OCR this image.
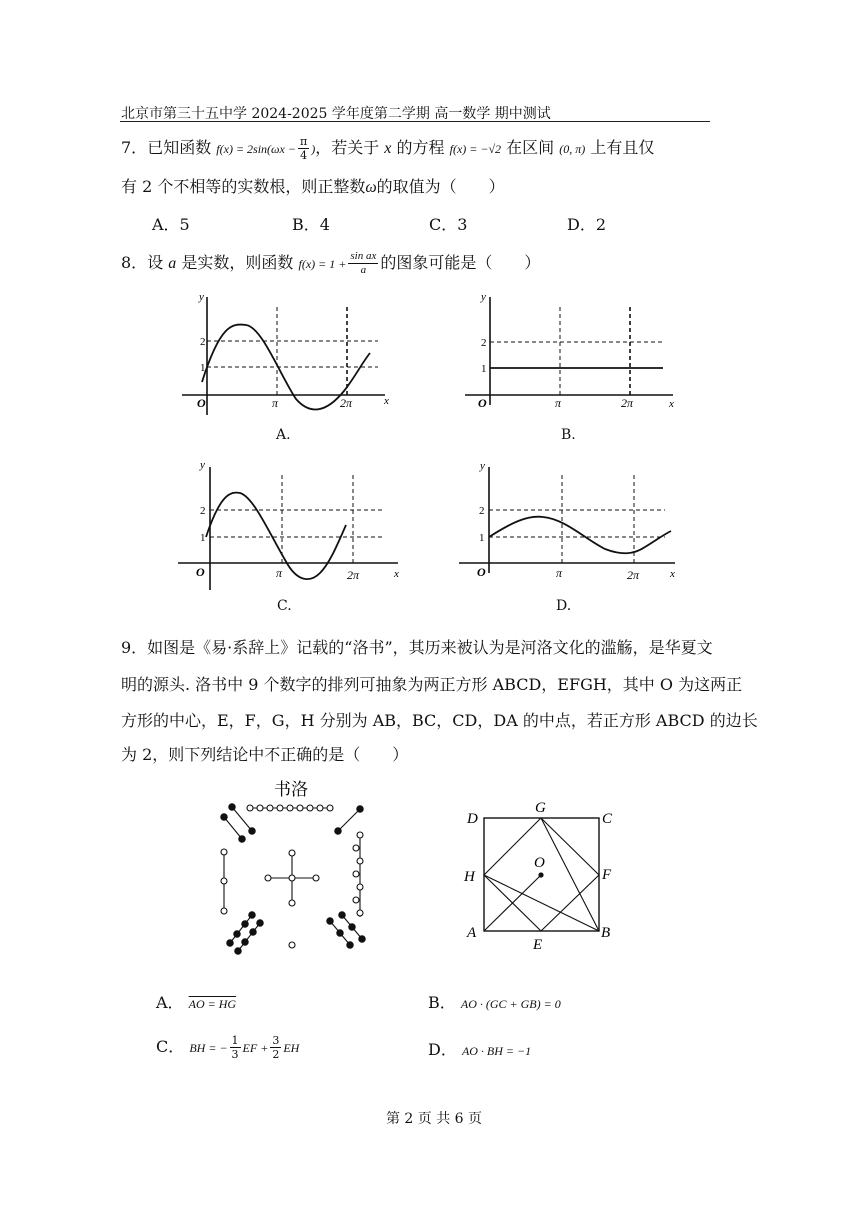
北京市第三十五中学 2024-2025 学年度第二学期 高一数学 期中测试
7．已知函数 $f(x) = 2\sin(\omega x - \frac{\pi}{4}$ )，若关于 x 的方程 f(x) = −√2 在区间 (0, π) 上有且仅
有 2 个不相等的实数根，则正整数ω的取值为（　　）
A．5	B．4	C．3	D．2
8．设 a 是实数，则函数 $f(x) = 1 + \frac{\text{sin ax}}{a}$ 的图象可能是（　　）
y
x
O
2
1
π	2π
A.
y
x
O
2
1
π	2π
B.
y
x
O
2
1
π	2π
C.
y
x
O
2
1
π	2π
D.
9．如图是《易·系辞上》记载的“洛书”，其历来被认为是河洛文化的滥觞，是华夏文
明的源头. 洛书中 9 个数字的排列可抽象为两正方形 ABCD，EFGH，其中 O 为这两正
方形的中心，E，F，G，H 分别为 AB，BC，CD，DA 的中点，若正方形 ABCD 的边长
为 2，则下列结论中不正确的是（　　）
书洛
D
G
C
O
H	F
A
E
B
A． AO = HG	B． AO · (GC + GB) = 0
C． BH = − $\frac{1}{3}$ EF + $\frac{3}{2}$ EH	D． AO · BH = −1
第 2 页 共 6 页
